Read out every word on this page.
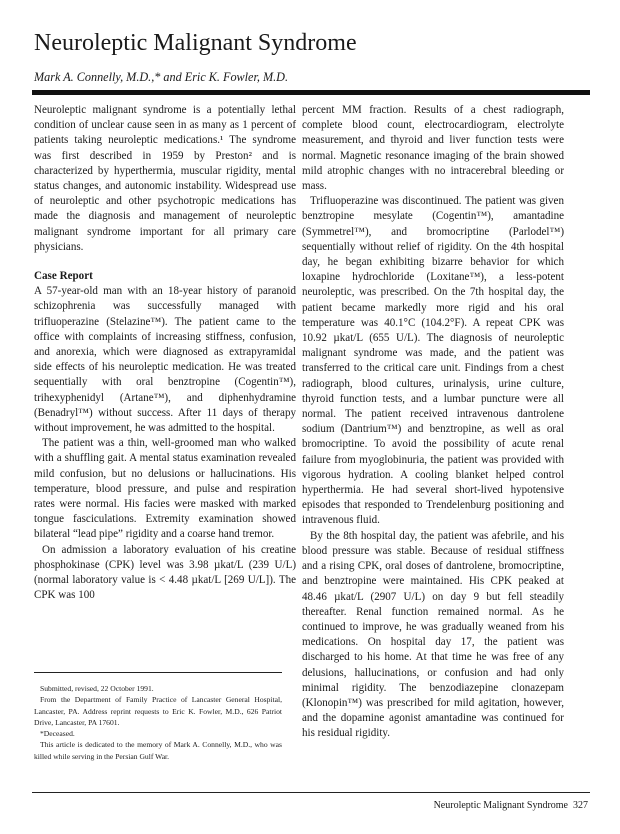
Neuroleptic Malignant Syndrome
Mark A. Connelly, M.D.,* and Eric K. Fowler, M.D.

Neuroleptic malignant syndrome is a potentially lethal condition of unclear cause seen in as many as 1 percent of patients taking neuroleptic medications.¹ The syndrome was first described in 1959 by Preston² and is characterized by hyperthermia, muscular rigidity, mental status changes, and autonomic instability. Widespread use of neuroleptic and other psychotropic medications has made the diagnosis and management of neuroleptic malignant syndrome important for all primary care physicians.

Case Report

A 57-year-old man with an 18-year history of paranoid schizophrenia was successfully managed with trifluoperazine (Stelazine™). The patient came to the office with complaints of increasing stiffness, confusion, and anorexia, which were diagnosed as extrapyramidal side effects of his neuroleptic medication. He was treated sequentially with oral benztropine (Cogentin™), trihexyphenidyl (Artane™), and diphenhydramine (Benadryl™) without success. After 11 days of therapy without improvement, he was admitted to the hospital.

The patient was a thin, well-groomed man who walked with a shuffling gait. A mental status examination revealed mild confusion, but no delusions or hallucinations. His temperature, blood pressure, and pulse and respiration rates were normal. His facies were masked with marked tongue fasciculations. Extremity examination showed bilateral “lead pipe” rigidity and a coarse hand tremor.

On admission a laboratory evaluation of his creatine phosphokinase (CPK) level was 3.98 µkat/L (239 U/L) (normal laboratory value is < 4.48 µkat/L [269 U/L]). The CPK was 100

percent MM fraction. Results of a chest radiograph, complete blood count, electrocardiogram, electrolyte measurement, and thyroid and liver function tests were normal. Magnetic resonance imaging of the brain showed mild atrophic changes with no intracerebral bleeding or mass.

Trifluoperazine was discontinued. The patient was given benztropine mesylate (Cogentin™), amantadine (Symmetrel™), and bromocriptine (Parlodel™) sequentially without relief of rigidity. On the 4th hospital day, he began exhibiting bizarre behavior for which loxapine hydrochloride (Loxitane™), a less-potent neuroleptic, was prescribed. On the 7th hospital day, the patient became markedly more rigid and his oral temperature was 40.1°C (104.2°F). A repeat CPK was 10.92 µkat/L (655 U/L). The diagnosis of neuroleptic malignant syndrome was made, and the patient was transferred to the critical care unit. Findings from a chest radiograph, blood cultures, urinalysis, urine culture, thyroid function tests, and a lumbar puncture were all normal. The patient received intravenous dantrolene sodium (Dantrium™) and benztropine, as well as oral bromocriptine. To avoid the possibility of acute renal failure from myoglobinuria, the patient was provided with vigorous hydration. A cooling blanket helped control hyperthermia. He had several short-lived hypotensive episodes that responded to Trendelenburg positioning and intravenous fluid.

By the 8th hospital day, the patient was afebrile, and his blood pressure was stable. Because of residual stiffness and a rising CPK, oral doses of dantrolene, bromocriptine, and benztropine were maintained. His CPK peaked at 48.46 µkat/L (2907 U/L) on day 9 but fell steadily thereafter. Renal function remained normal. As he continued to improve, he was gradually weaned from his medications. On hospital day 17, the patient was discharged to his home. At that time he was free of any delusions, hallucinations, or confusion and had only minimal rigidity. The benzodiazepine clonazepam (Klonopin™) was prescribed for mild agitation, however, and the dopamine agonist amantadine was continued for his residual rigidity.

Submitted, revised, 22 October 1991.

From the Department of Family Practice of Lancaster General Hospital, Lancaster, PA. Address reprint requests to Eric K. Fowler, M.D., 626 Patriot Drive, Lancaster, PA 17601.

*Deceased.

This article is dedicated to the memory of Mark A. Connelly, M.D., who was killed while serving in the Persian Gulf War.

Neuroleptic Malignant Syndrome 327
